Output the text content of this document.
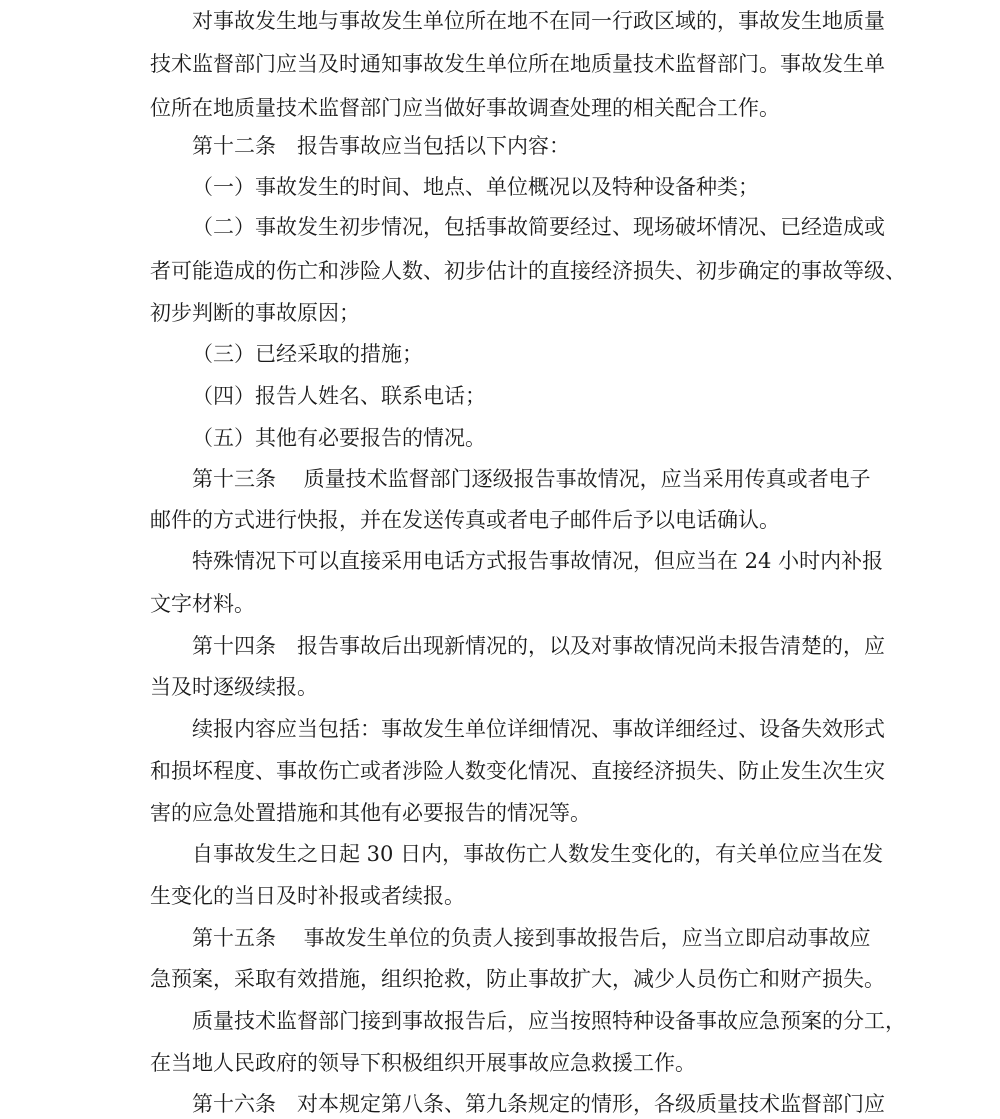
对事故发生地与事故发生单位所在地不在同一行政区域的，事故发生地质量
技术监督部门应当及时通知事故发生单位所在地质量技术监督部门。事故发生单
位所在地质量技术监督部门应当做好事故调查处理的相关配合工作。
第十二条　报告事故应当包括以下内容：
（一）事故发生的时间、地点、单位概况以及特种设备种类；
（二）事故发生初步情况，包括事故简要经过、现场破坏情况、已经造成或
者可能造成的伤亡和涉险人数、初步估计的直接经济损失、初步确定的事故等级、
初步判断的事故原因；
（三）已经采取的措施；
（四）报告人姓名、联系电话；
（五）其他有必要报告的情况。
第十三条　 质量技术监督部门逐级报告事故情况，应当采用传真或者电子
邮件的方式进行快报，并在发送传真或者电子邮件后予以电话确认。
特殊情况下可以直接采用电话方式报告事故情况，但应当在 24 小时内补报
文字材料。
第十四条　报告事故后出现新情况的，以及对事故情况尚未报告清楚的，应
当及时逐级续报。
续报内容应当包括：事故发生单位详细情况、事故详细经过、设备失效形式
和损坏程度、事故伤亡或者涉险人数变化情况、直接经济损失、防止发生次生灾
害的应急处置措施和其他有必要报告的情况等。
自事故发生之日起 30 日内，事故伤亡人数发生变化的，有关单位应当在发
生变化的当日及时补报或者续报。
第十五条　 事故发生单位的负责人接到事故报告后，应当立即启动事故应
急预案，采取有效措施，组织抢救，防止事故扩大，减少人员伤亡和财产损失。
质量技术监督部门接到事故报告后，应当按照特种设备事故应急预案的分工，
在当地人民政府的领导下积极组织开展事故应急救援工作。
第十六条　对本规定第八条、第九条规定的情形，各级质量技术监督部门应
